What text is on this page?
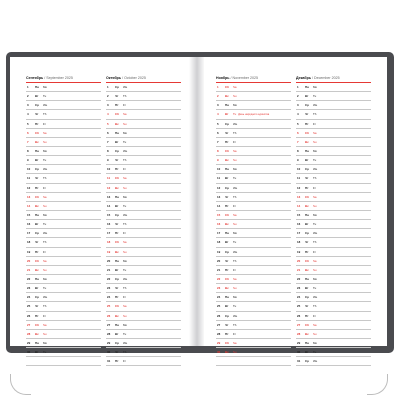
Сентябрь / September 2025
1 Пн Mo
2 Вт Tu
3 Ср We
4 Чт Th
5 Пт Fr
6 Сб Sa
7 Вс Su
8 Пн Mo
9 Вт Tu
10 Ср We
11 Чт Th
12 Пт Fr
13 Сб Sa
14 Вс Su
15 Пн Mo
16 Вт Tu
17 Ср We
18 Чт Th
19 Пт Fr
20 Сб Sa
21 Вс Su
22 Пн Mo
23 Вт Tu
24 Ср We
25 Чт Th
26 Пт Fr
27 Сб Sa
28 Вс Su
29 Пн Mo
30 Вт Tu
Октябрь / October 2025
1 Ср We
2 Чт Th
3 Пт Fr
4 Сб Sa
5 Вс Su
6 Пн Mo
7 Вт Tu
8 Ср We
9 Чт Th
10 Пт Fr
11 Сб Sa
12 Вс Su
13 Пн Mo
14 Вт Tu
15 Ср We
16 Чт Th
17 Пт Fr
18 Сб Sa
19 Вс Su
20 Пн Mo
21 Вт Tu
22 Ср We
23 Чт Th
24 Пт Fr
25 Сб Sa
26 Вс Su
27 Пн Mo
28 Вт Tu
29 Ср We
30 Чт Th
31 Пт Fr
Ноябрь / November 2025
1 Сб Sa
2 Вс Su
3 Пн Mo
4 Вт Tu День народного единства
5 Ср We
6 Чт Th
7 Пт Fr
8 Сб Sa
9 Вс Su
10 Пн Mo
11 Вт Tu
12 Ср We
13 Чт Th
14 Пт Fr
15 Сб Sa
16 Вс Su
17 Пн Mo
18 Вт Tu
19 Ср We
20 Чт Th
21 Пт Fr
22 Сб Sa
23 Вс Su
24 Пн Mo
25 Вт Tu
26 Ср We
27 Чт Th
28 Пт Fr
29 Сб Sa
30 Вс Su
Декабрь / December 2025
1 Пн Mo
2 Вт Tu
3 Ср We
4 Чт Th
5 Пт Fr
6 Сб Sa
7 Вс Su
8 Пн Mo
9 Вт Tu
10 Ср We
11 Чт Th
12 Пт Fr
13 Сб Sa
14 Вс Su
15 Пн Mo
16 Вт Tu
17 Ср We
18 Чт Th
19 Пт Fr
20 Сб Sa
21 Вс Su
22 Пн Mo
23 Вт Tu
24 Ср We
25 Чт Th
26 Пт Fr
27 Сб Sa
28 Вс Su
29 Пн Mo
30 Вт Tu
31 Ср We
